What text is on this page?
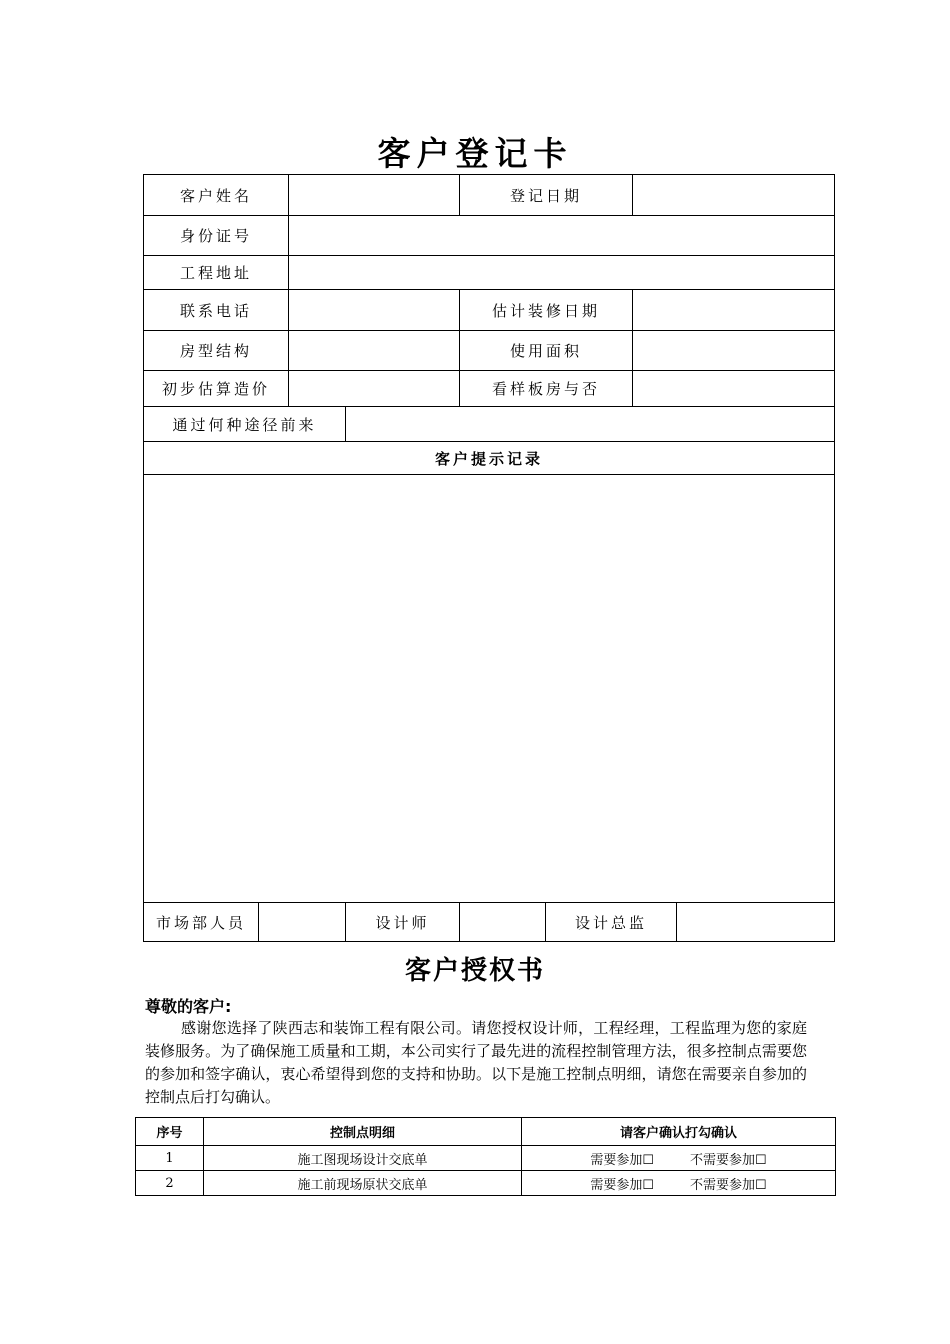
客户登记卡
客户姓名				登记日期			
身份证号							
工程地址							
联系电话				估计装修日期			
房型结构				使用面积			
初步估算造价				看样板房与否			
通过何种途径前来							
客户提示记录							

市场部人员			设计师		设计总监		
客户授权书
尊敬的客户:

感谢您选择了陕西志和装饰工程有限公司。请您授权设计师，工程经理，工程监理为您的家庭装修服务。为了确保施工质量和工期，本公司实行了最先进的流程控制管理方法，很多控制点需要您的参加和签字确认，衷心希望得到您的支持和协助。以下是施工控制点明细，请您在需要亲自参加的控制点后打勾确认。

序号	控制点明细	请客户确认打勾确认
1	施工图现场设计交底单	需要参加☐ 不需要参加☐
2	施工前现场原状交底单	需要参加☐ 不需要参加☐
